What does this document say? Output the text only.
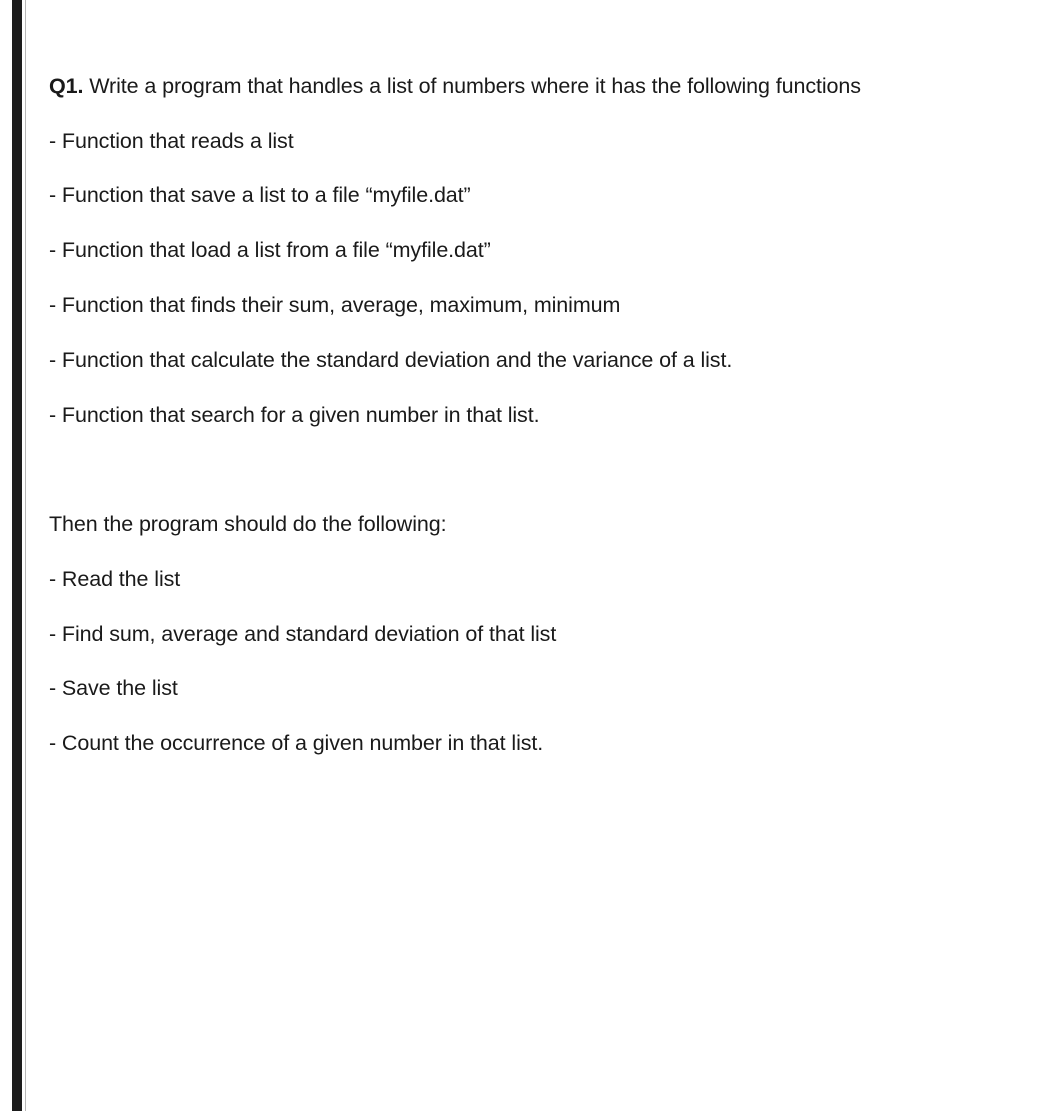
Q1. Write a program that handles a list of numbers where it has the following functions
- Function that reads a list
- Function that save a list to a file “myfile.dat”
- Function that load a list from a file “myfile.dat”
- Function that finds their sum, average, maximum, minimum
- Function that calculate the standard deviation and the variance of a list.
- Function that search for a given number in that list.
Then the program should do the following:
- Read the list
- Find sum, average and standard deviation of that list
- Save the list
- Count the occurrence of a given number in that list.
